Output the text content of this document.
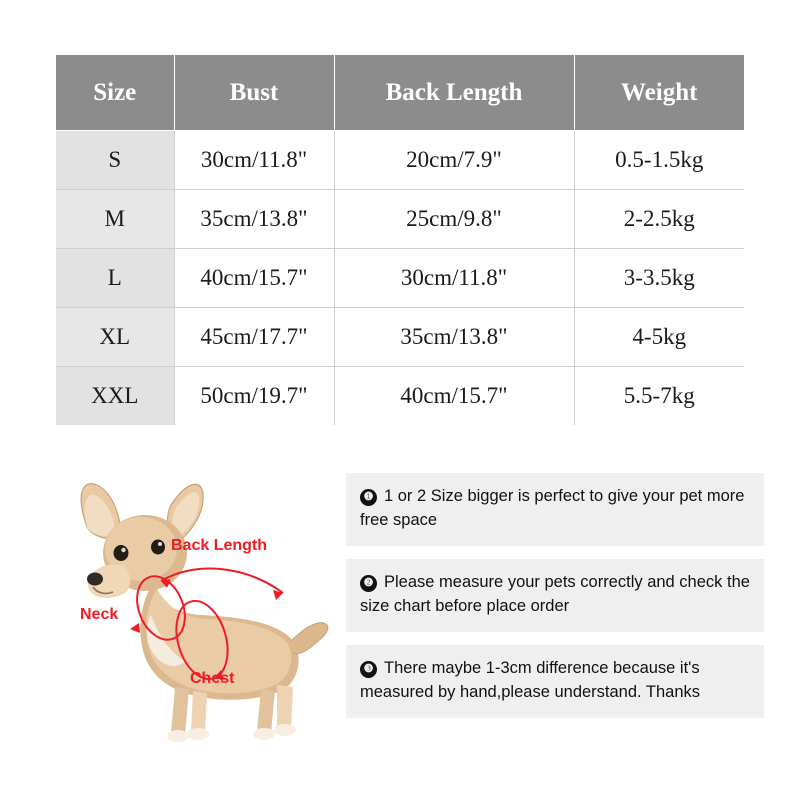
Size	Bust	Back Length	Weight
S	30cm/11.8"	20cm/7.9"	0.5-1.5kg
M	35cm/13.8"	25cm/9.8"	2-2.5kg
L	40cm/15.7"	30cm/11.8"	3-3.5kg
XL	45cm/17.7"	35cm/13.8"	4-5kg
XXL	50cm/19.7"	40cm/15.7"	5.5-7kg
Back Length
Neck
Chest
❶ 1 or 2 Size bigger is perfect to give your pet more free space
❷ Please measure your pets correctly and check the size chart before place order
❸ There maybe 1-3cm difference because it's measured by hand,please understand. Thanks
